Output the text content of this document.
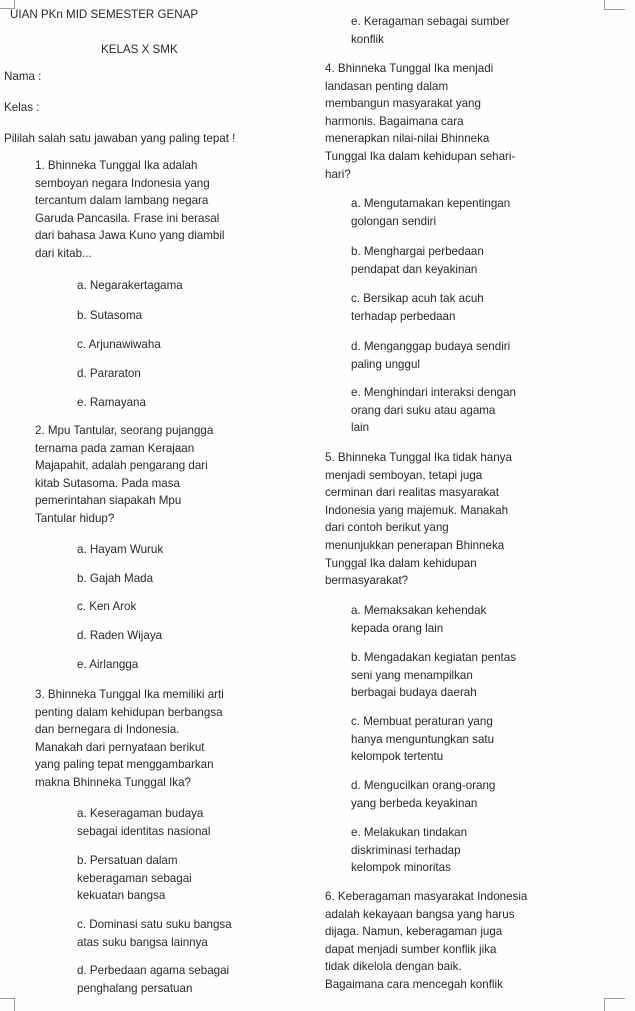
UIAN PKn MID SEMESTER GENAP
KELAS X SMK
Nama :
Kelas :
Pililah salah satu jawaban yang paling tepat !
1. Bhinneka Tunggal Ika adalah
semboyan negara Indonesia yang
tercantum dalam lambang negara
Garuda Pancasila. Frase ini berasal
dari bahasa Jawa Kuno yang diambil
dari kitab...
a. Negarakertagama
b. Sutasoma
c. Arjunawiwaha
d. Pararaton
e. Ramayana
2. Mpu Tantular, seorang pujangga
ternama pada zaman Kerajaan
Majapahit, adalah pengarang dari
kitab Sutasoma. Pada masa
pemerintahan siapakah Mpu
Tantular hidup?
a. Hayam Wuruk
b. Gajah Mada
c. Ken Arok
d. Raden Wijaya
e. Airlangga
3. Bhinneka Tunggal Ika memiliki arti
penting dalam kehidupan berbangsa
dan bernegara di Indonesia.
Manakah dari pernyataan berikut
yang paling tepat menggambarkan
makna Bhinneka Tunggal Ika?
a. Keseragaman budaya
sebagai identitas nasional
b. Persatuan dalam
keberagaman sebagai
kekuatan bangsa
c. Dominasi satu suku bangsa
atas suku bangsa lainnya
d. Perbedaan agama sebagai
penghalang persatuan
e. Keragaman sebagai sumber
konflik
4. Bhinneka Tunggal Ika menjadi
landasan penting dalam
membangun masyarakat yang
harmonis. Bagaimana cara
menerapkan nilai-nilai Bhinneka
Tunggal Ika dalam kehidupan sehari-
hari?
a. Mengutamakan kepentingan
golongan sendiri
b. Menghargai perbedaan
pendapat dan keyakinan
c. Bersikap acuh tak acuh
terhadap perbedaan
d. Menganggap budaya sendiri
paling unggul
e. Menghindari interaksi dengan
orang dari suku atau agama
lain
5. Bhinneka Tunggal Ika tidak hanya
menjadi semboyan, tetapi juga
cerminan dari realitas masyarakat
Indonesia yang majemuk. Manakah
dari contoh berikut yang
menunjukkan penerapan Bhinneka
Tunggal Ika dalam kehidupan
bermasyarakat?
a. Memaksakan kehendak
kepada orang lain
b. Mengadakan kegiatan pentas
seni yang menampilkan
berbagai budaya daerah
c. Membuat peraturan yang
hanya menguntungkan satu
kelompok tertentu
d. Mengucilkan orang-orang
yang berbeda keyakinan
e. Melakukan tindakan
diskriminasi terhadap
kelompok minoritas
6. Keberagaman masyarakat Indonesia
adalah kekayaan bangsa yang harus
dijaga. Namun, keberagaman juga
dapat menjadi sumber konflik jika
tidak dikelola dengan baik.
Bagaimana cara mencegah konflik
